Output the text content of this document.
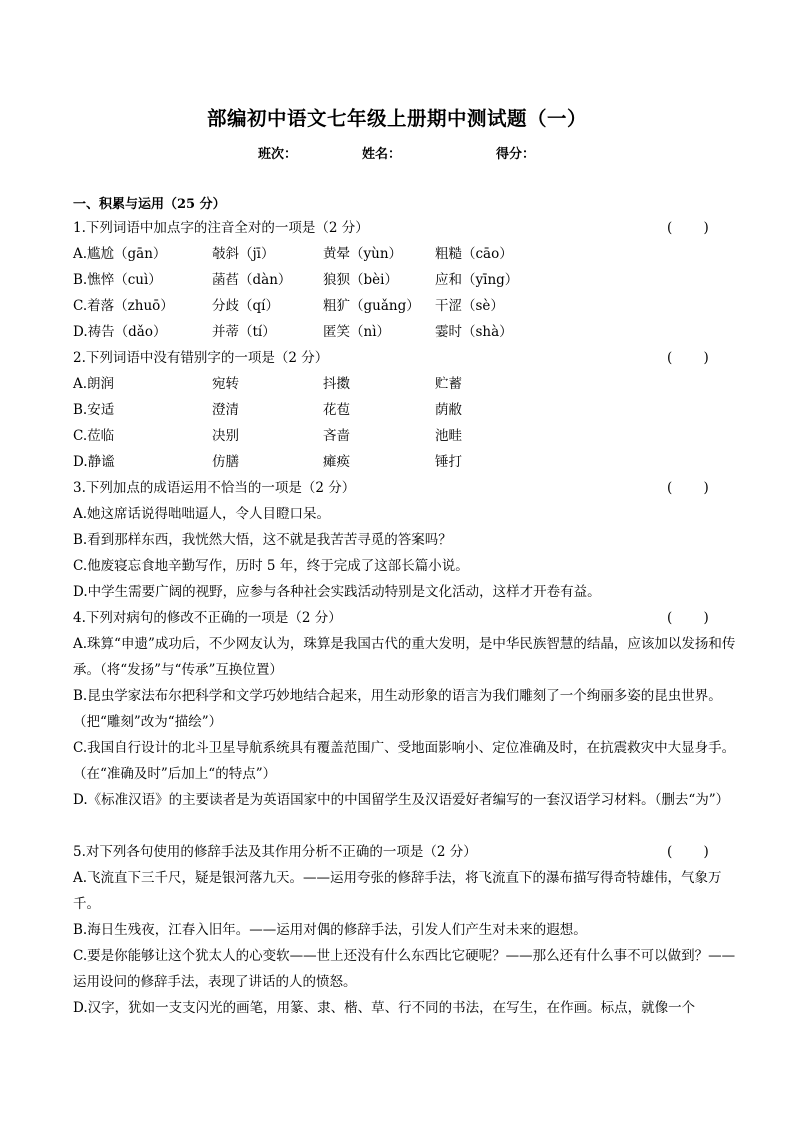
部编初中语文七年级上册期中测试题（一）
班次：	姓名：	得分：
一、积累与运用（25 分）
1.下列词语中加点字的注音全对的一项是（2 分）	(　 　)
A.尴尬（gān）	攲斜（jī）	黄晕（yùn） 粗糙（cāo）
B.憔悴（cuì）	菡萏（dàn） 狼狈（bèi）	应和（yīng）
C.着落（zhuō）	分歧（qí）	粗犷（guǎng） 干涩（sè）
D.祷告（dǎo）	并蒂（tí）	匿笑（nì）	霎时（shà）
2.下列词语中没有错别字的一项是（2 分）	(　 　)
A.朗润	宛转	抖擞	贮蓄
B.安适	澄清	花苞	荫敝
C.莅临	决别	吝啬	池畦
D.静谧	仿膳	瘫痪	锤打
3.下列加点的成语运用不恰当的一项是（2 分）	(　 　)
A.她这席话说得咄咄逼人，令人目瞪口呆。
B.看到那样东西，我恍然大悟，这不就是我苦苦寻觅的答案吗？
C.他废寝忘食地辛勤写作，历时 5 年，终于完成了这部长篇小说。
D.中学生需要广阔的视野，应参与各种社会实践活动特别是文化活动，这样才开卷有益。
4.下列对病句的修改不正确的一项是（2 分）	(　 　)
A.珠算“申遗”成功后，不少网友认为，珠算是我国古代的重大发明，是中华民族智慧的结晶，应该加以发扬和传承。（将“发扬”与“传承”互换位置）
B.昆虫学家法布尔把科学和文学巧妙地结合起来，用生动形象的语言为我们雕刻了一个绚丽多姿的昆虫世界。（把“雕刻”改为“描绘”）
C.我国自行设计的北斗卫星导航系统具有覆盖范围广、受地面影响小、定位准确及时，在抗震救灾中大显身手。（在“准确及时”后加上“的特点”）
D.《标准汉语》的主要读者是为英语国家中的中国留学生及汉语爱好者编写的一套汉语学习材料。（删去“为”）
5.对下列各句使用的修辞手法及其作用分析不正确的一项是（2 分）	(　 　)
A.飞流直下三千尺，疑是银河落九天。——运用夸张的修辞手法，将飞流直下的瀑布描写得奇特雄伟，气象万千。
B.海日生残夜，江春入旧年。——运用对偶的修辞手法，引发人们产生对未来的遐想。
C.要是你能够让这个犹太人的心变软——世上还没有什么东西比它硬呢？——那么还有什么事不可以做到？——运用设问的修辞手法，表现了讲话的人的愤怒。
D.汉字，犹如一支支闪光的画笔，用篆、隶、楷、草、行不同的书法，在写生，在作画。标点，就像一个
